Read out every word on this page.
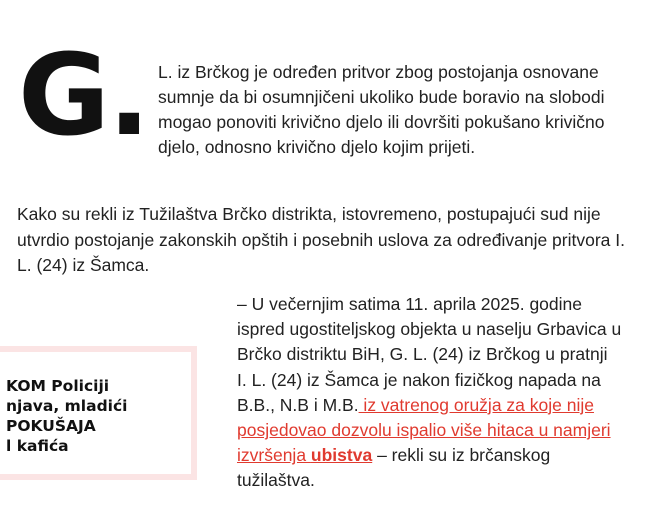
G. L. iz Brčkog je određen pritvor zbog postojanja osnovane sumnje da bi osumnjičeni ukoliko bude boravio na slobodi mogao ponoviti krivično djelo ili dovršiti pokušano krivično djelo, odnosno krivično djelo kojim prijeti.

Kako su rekli iz Tužilaštva Brčko distrikta, istovremeno, postupajući sud nije utvrdio postojanje zakonskih opštih i posebnih uslova za određivanje pritvora I. L. (24) iz Šamca.

KOM Policiji
njava, mladići
POKUŠAJA
l kafića

– U večernjim satima 11. aprila 2025. godine ispred ugostiteljskog objekta u naselju Grbavica u Brčko distriktu BiH, G. L. (24) iz Brčkog u pratnji I. L. (24) iz Šamca je nakon fizičkog napada na B.B., N.B i M.B. iz vatrenog oružja za koje nije posjedovao dozvolu ispalio više hitaca u namjeri izvršenja ubistva – rekli su iz brčanskog tužilaštva.
